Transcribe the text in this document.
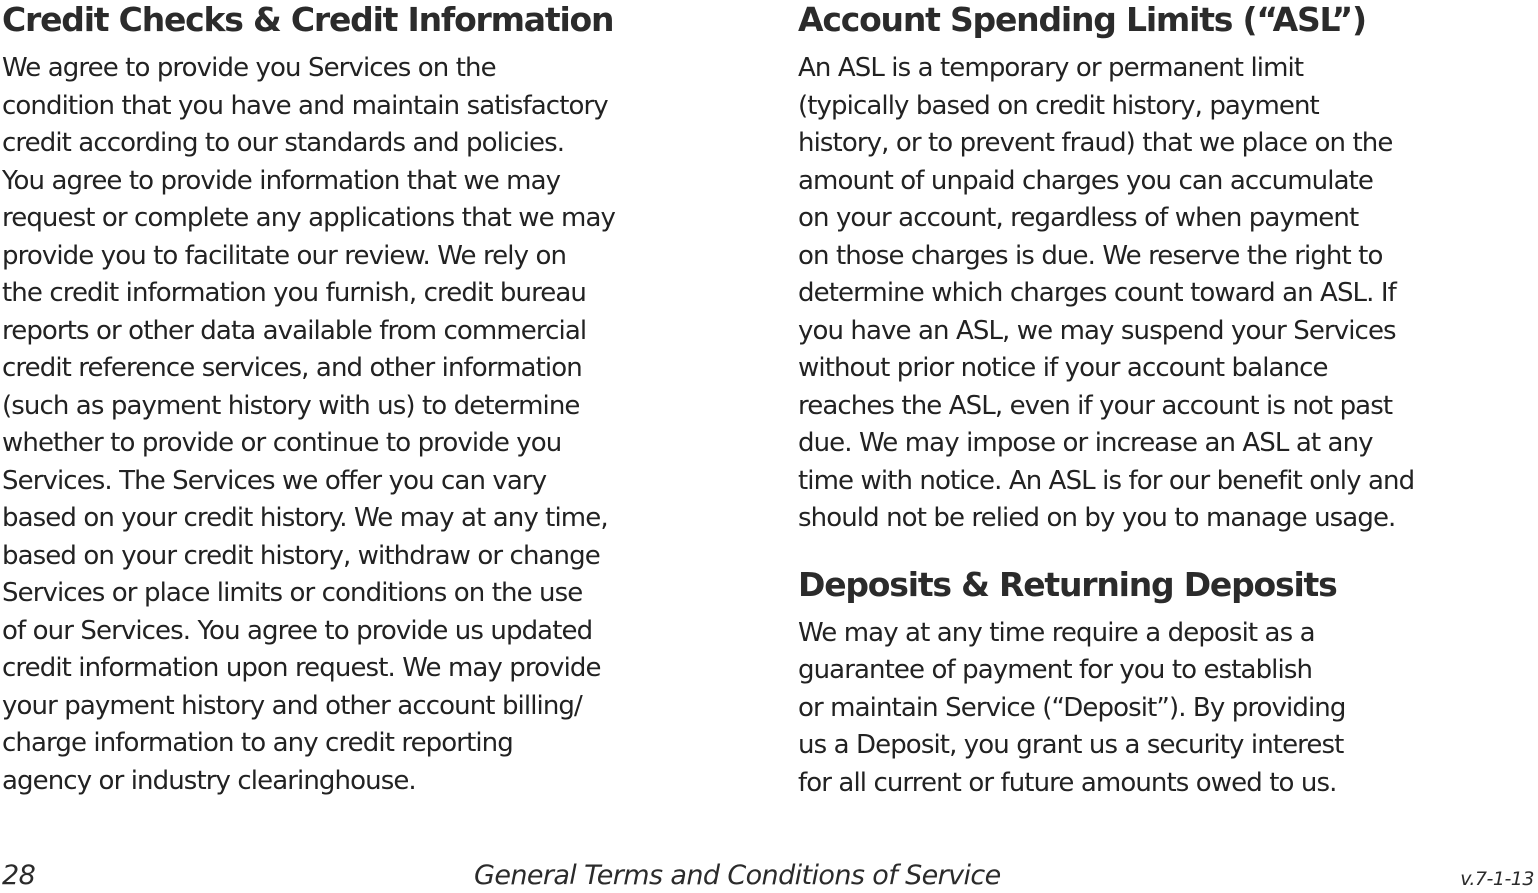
Credit Checks & Credit Information

We agree to provide you Services on the
condition that you have and maintain satisfactory
credit according to our standards and policies.
You agree to provide information that we may
request or complete any applications that we may
provide you to facilitate our review. We rely on
the credit information you furnish, credit bureau
reports or other data available from commercial
credit reference services, and other information
(such as payment history with us) to determine
whether to provide or continue to provide you
Services. The Services we offer you can vary
based on your credit history. We may at any time,
based on your credit history, withdraw or change
Services or place limits or conditions on the use
of our Services. You agree to provide us updated
credit information upon request. We may provide
your payment history and other account billing/
charge information to any credit reporting
agency or industry clearinghouse.

Account Spending Limits (“ASL”)

An ASL is a temporary or permanent limit
(typically based on credit history, payment
history, or to prevent fraud) that we place on the
amount of unpaid charges you can accumulate
on your account, regardless of when payment
on those charges is due. We reserve the right to
determine which charges count toward an ASL. If
you have an ASL, we may suspend your Services
without prior notice if your account balance
reaches the ASL, even if your account is not past
due. We may impose or increase an ASL at any
time with notice. An ASL is for our benefit only and
should not be relied on by you to manage usage.

Deposits & Returning Deposits

We may at any time require a deposit as a
guarantee of payment for you to establish
or maintain Service (“Deposit”). By providing
us a Deposit, you grant us a security interest
for all current or future amounts owed to us.

28	General Terms and Conditions of Service	v.7-1-13
